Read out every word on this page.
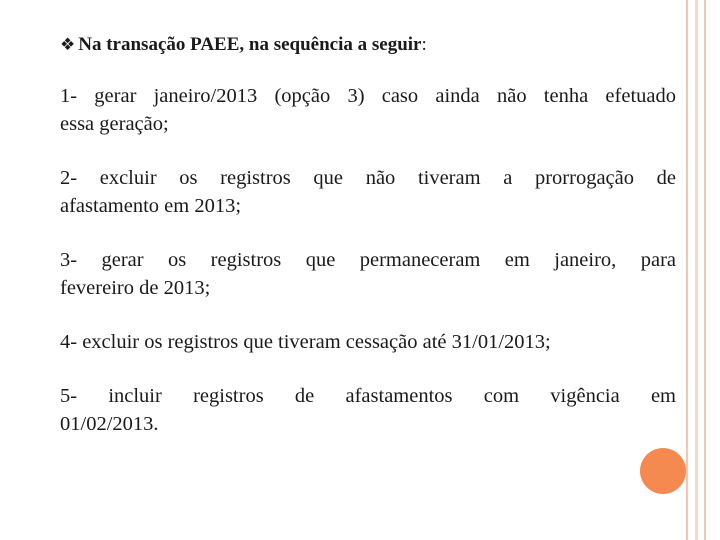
❖ Na transação PAEE, na sequência a seguir :
1- gerar janeiro/2013 (opção 3) caso ainda não tenha efetuado
essa geração;
2- excluir os registros que não tiveram a prorrogação de
afastamento em 2013;
3- gerar os registros que permaneceram em janeiro, para
fevereiro de 2013;
4- excluir os registros que tiveram cessação até 31/01/2013;
5- incluir registros de afastamentos com vigência em
01/02/2013.
